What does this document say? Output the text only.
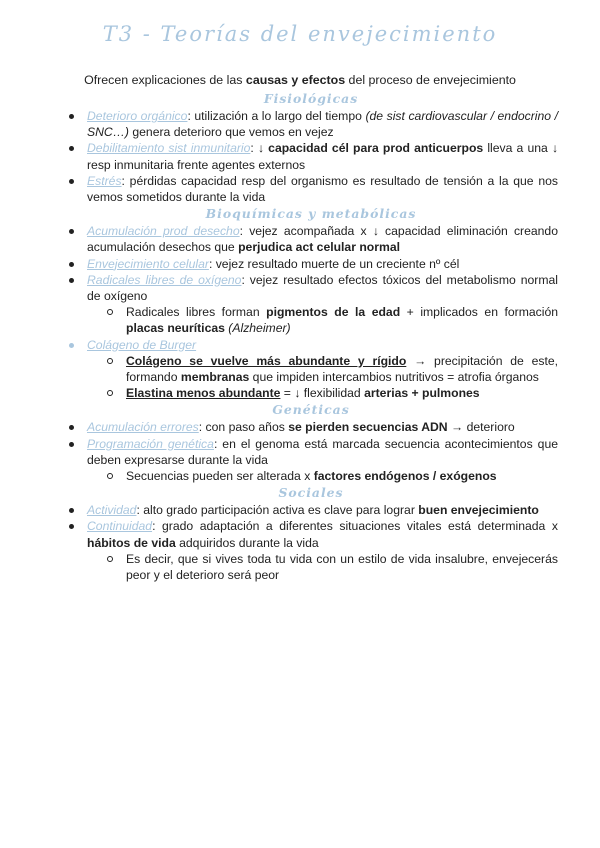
T3 - Teorías del envejecimiento
Ofrecen explicaciones de las causas y efectos del proceso de envejecimiento
Fisiológicas
Deterioro orgánico: utilización a lo largo del tiempo (de sist cardiovascular / endocrino / SNC…) genera deterioro que vemos en vejez
Debilitamiento sist inmunitario: ↓ capacidad cél para prod anticuerpos lleva a una ↓ resp inmunitaria frente agentes externos
Estrés: pérdidas capacidad resp del organismo es resultado de tensión a la que nos vemos sometidos durante la vida
Bioquímicas y metabólicas
Acumulación prod desecho: vejez acompañada x ↓ capacidad eliminación creando acumulación desechos que perjudica act celular normal
Envejecimiento celular: vejez resultado muerte de un creciente nº cél
Radicales libres de oxígeno: vejez resultado efectos tóxicos del metabolismo normal de oxígeno
Radicales libres forman pigmentos de la edad + implicados en formación placas neuríticas (Alzheimer)
Colágeno de Burger
Colágeno se vuelve más abundante y rígido → precipitación de este, formando membranas que impiden intercambios nutritivos = atrofia órganos
Elastina menos abundante = ↓ flexibilidad arterias + pulmones
Genéticas
Acumulación errores: con paso años se pierden secuencias ADN → deterioro
Programación genética: en el genoma está marcada secuencia acontecimientos que deben expresarse durante la vida
Secuencias pueden ser alterada x factores endógenos / exógenos
Sociales
Actividad: alto grado participación activa es clave para lograr buen envejecimiento
Continuidad: grado adaptación a diferentes situaciones vitales está determinada x hábitos de vida adquiridos durante la vida
Es decir, que si vives toda tu vida con un estilo de vida insalubre, envejecerás peor y el deterioro será peor
